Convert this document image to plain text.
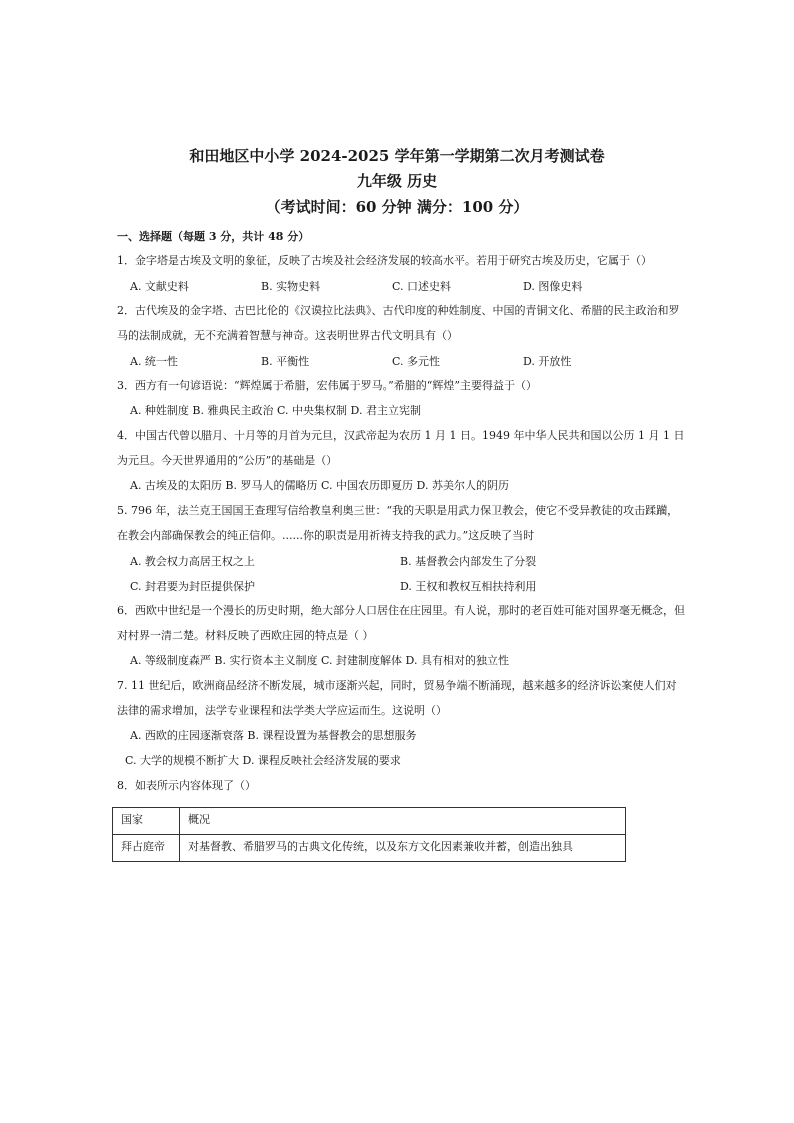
和田地区中小学 2024-2025 学年第一学期第二次月考测试卷
九年级 历史
（考试时间：60 分钟 满分：100 分）
一、选择题（每题 3 分，共计 48 分）
1．金字塔是古埃及文明的象征，反映了古埃及社会经济发展的较高水平。若用于研究古埃及历史，它属于（）
A. 文献史料	B. 实物史料	C. 口述史料	D. 图像史料
2．古代埃及的金字塔、古巴比伦的《汉谟拉比法典》、古代印度的种姓制度、中国的青铜文化、希腊的民主政治和罗马的法制成就，无不充满着智慧与神奇。这表明世界古代文明具有（）
A. 统一性	B. 平衡性	C. 多元性	D. 开放性
3．西方有一句谚语说：“辉煌属于希腊，宏伟属于罗马。”希腊的“辉煌”主要得益于（）
A. 种姓制度 B. 雅典民主政治 C. 中央集权制 D. 君主立宪制
4．中国古代曾以腊月、十月等的月首为元旦，汉武帝起为农历 1 月 1 日。1949 年中华人民共和国以公历 1 月 1 日为元旦。今天世界通用的“公历”的基础是（）
A. 古埃及的太阳历 B. 罗马人的儒略历 C. 中国农历即夏历 D. 苏美尔人的阴历
5. 796 年，法兰克王国国王查理写信给教皇利奥三世：“我的天职是用武力保卫教会，使它不受异教徒的攻击蹂躏，在教会内部确保教会的纯正信仰。......你的职责是用祈祷支持我的武力。”这反映了当时
A. 教会权力高居王权之上	B. 基督教会内部发生了分裂
C. 封君要为封臣提供保护	D. 王权和教权互相扶持利用
6．西欧中世纪是一个漫长的历史时期，绝大部分人口居住在庄园里。有人说，那时的老百姓可能对国界毫无概念，但对村界一清二楚。材料反映了西欧庄园的特点是（ ）
A. 等级制度森严 B. 实行资本主义制度 C. 封建制度解体 D. 具有相对的独立性
7. 11 世纪后，欧洲商品经济不断发展，城市逐渐兴起，同时，贸易争端不断涌现，越来越多的经济诉讼案使人们对法律的需求增加，法学专业课程和法学类大学应运而生。这说明（）
A. 西欧的庄园逐渐衰落 B. 课程设置为基督教会的思想服务
C. 大学的规模不断扩大 D. 课程反映社会经济发展的要求
8．如表所示内容体现了（）
国家	概况
拜占庭帝	对基督教、希腊罗马的古典文化传统，以及东方文化因素兼收并蓄，创造出独具
